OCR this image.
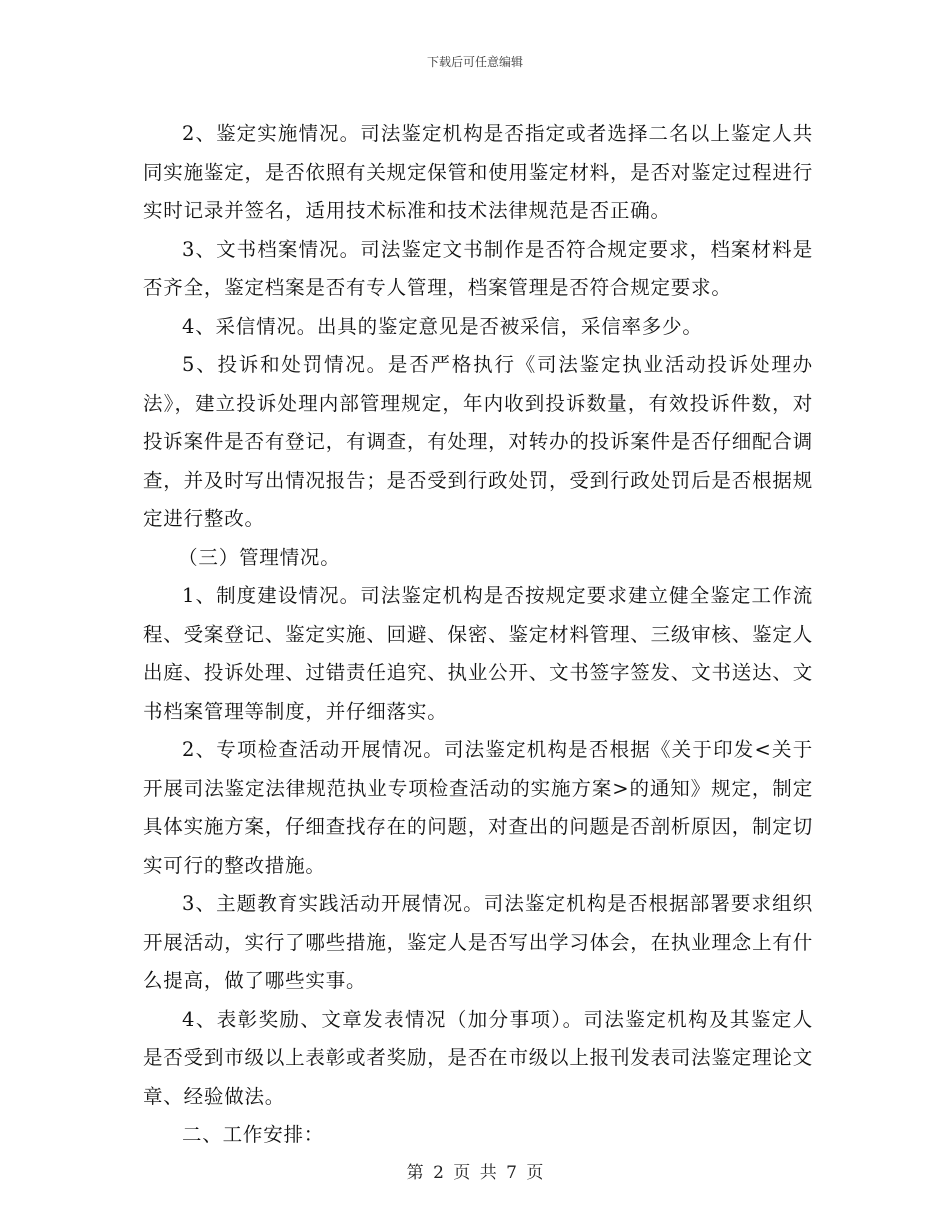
下载后可任意编辑

2、鉴定实施情况。司法鉴定机构是否指定或者选择二名以上鉴定人共同实施鉴定，是否依照有关规定保管和使用鉴定材料，是否对鉴定过程进行实时记录并签名，适用技术标准和技术法律规范是否正确。

3、文书档案情况。司法鉴定文书制作是否符合规定要求，档案材料是否齐全，鉴定档案是否有专人管理，档案管理是否符合规定要求。

4、采信情况。出具的鉴定意见是否被采信，采信率多少。

5、投诉和处罚情况。是否严格执行《司法鉴定执业活动投诉处理办法》，建立投诉处理内部管理规定，年内收到投诉数量，有效投诉件数，对投诉案件是否有登记，有调查，有处理，对转办的投诉案件是否仔细配合调查，并及时写出情况报告；是否受到行政处罚，受到行政处罚后是否根据规定进行整改。

（三）管理情况。

1、制度建设情况。司法鉴定机构是否按规定要求建立健全鉴定工作流程、受案登记、鉴定实施、回避、保密、鉴定材料管理、三级审核、鉴定人出庭、投诉处理、过错责任追究、执业公开、文书签字签发、文书送达、文书档案管理等制度，并仔细落实。

2、专项检查活动开展情况。司法鉴定机构是否根据《关于印发<关于开展司法鉴定法律规范执业专项检查活动的实施方案>的通知》规定，制定具体实施方案，仔细查找存在的问题，对查出的问题是否剖析原因，制定切实可行的整改措施。

3、主题教育实践活动开展情况。司法鉴定机构是否根据部署要求组织开展活动，实行了哪些措施，鉴定人是否写出学习体会，在执业理念上有什么提高，做了哪些实事。

4、表彰奖励、文章发表情况（加分事项）。司法鉴定机构及其鉴定人是否受到市级以上表彰或者奖励，是否在市级以上报刊发表司法鉴定理论文章、经验做法。

二、工作安排：

第 2 页 共 7 页
